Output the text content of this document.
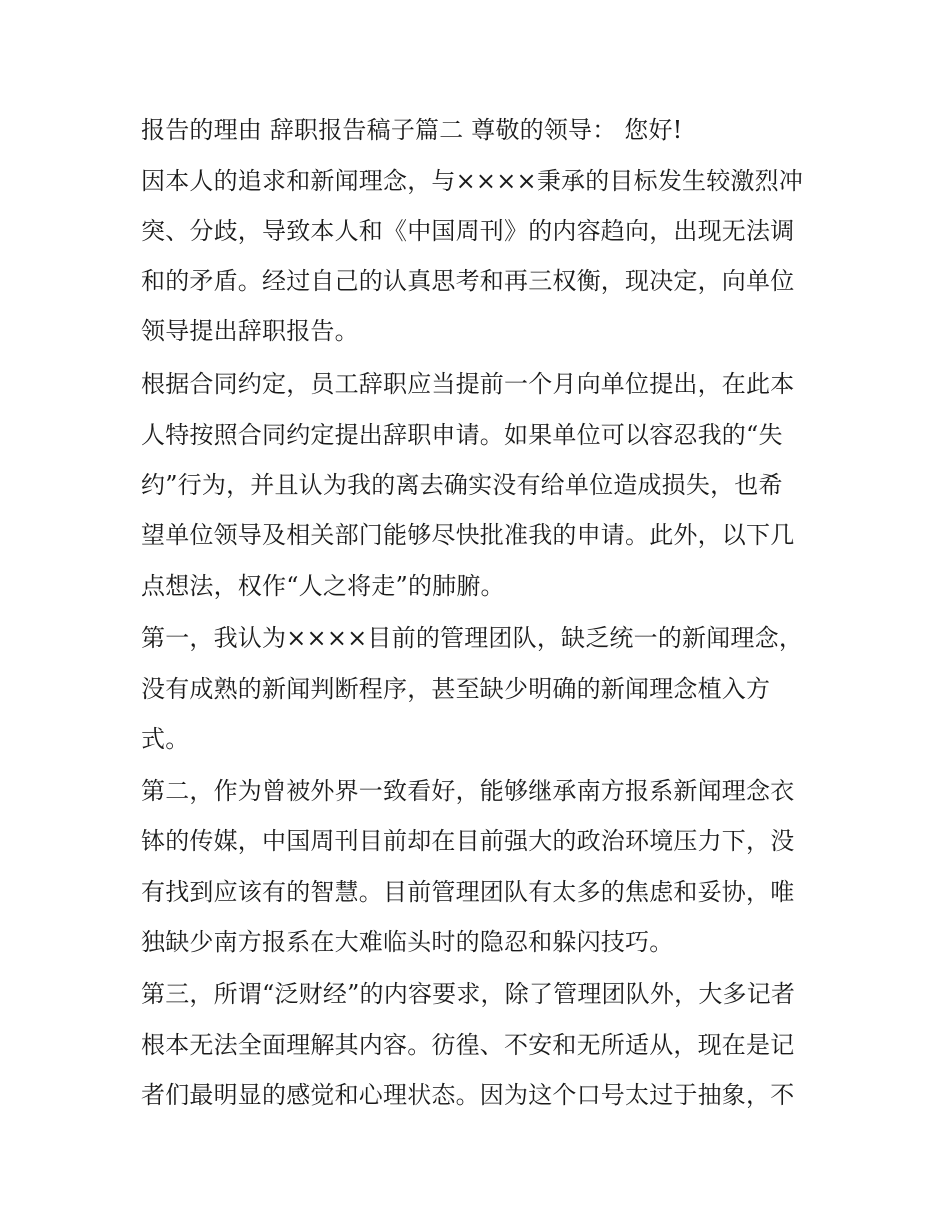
报告的理由 辞职报告稿子篇二 尊敬的领导： 您好!
因本人的追求和新闻理念，与××××秉承的目标发生较激烈冲
突、分歧，导致本人和《中国周刊》的内容趋向，出现无法调
和的矛盾。经过自己的认真思考和再三权衡，现决定，向单位
领导提出辞职报告。
根据合同约定，员工辞职应当提前一个月向单位提出，在此本
人特按照合同约定提出辞职申请。如果单位可以容忍我的“失
约”行为，并且认为我的离去确实没有给单位造成损失，也希
望单位领导及相关部门能够尽快批准我的申请。此外，以下几
点想法，权作“人之将走”的肺腑。
第一，我认为××××目前的管理团队，缺乏统一的新闻理念，
没有成熟的新闻判断程序，甚至缺少明确的新闻理念植入方
式。
第二，作为曾被外界一致看好，能够继承南方报系新闻理念衣
钵的传媒，中国周刊目前却在目前强大的政治环境压力下，没
有找到应该有的智慧。目前管理团队有太多的焦虑和妥协，唯
独缺少南方报系在大难临头时的隐忍和躲闪技巧。
第三，所谓“泛财经”的内容要求，除了管理团队外，大多记者
根本无法全面理解其内容。彷徨、不安和无所适从，现在是记
者们最明显的感觉和心理状态。因为这个口号太过于抽象，不
